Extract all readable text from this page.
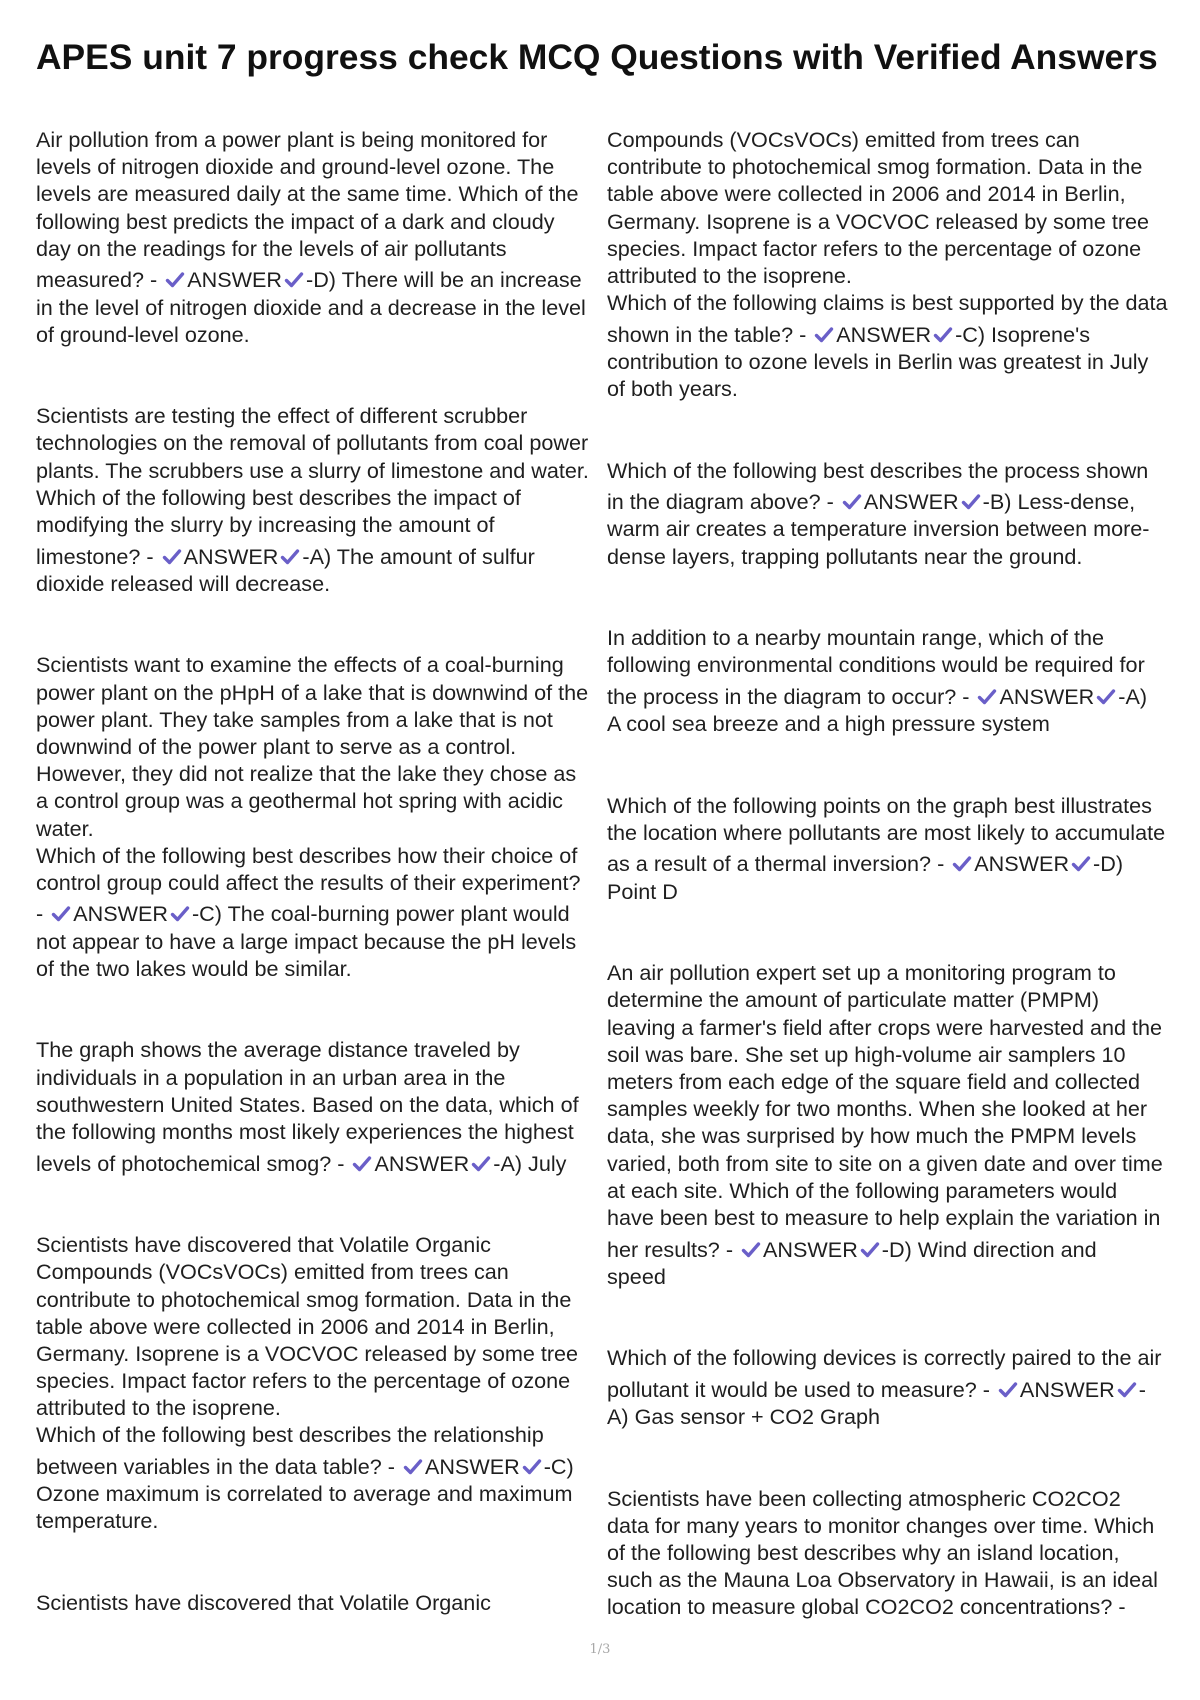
APES unit 7 progress check MCQ Questions with Verified Answers
Air pollution from a power plant is being monitored for
levels of nitrogen dioxide and ground-level ozone. The
levels are measured daily at the same time. Which of the
following best predicts the impact of a dark and cloudy
day on the readings for the levels of air pollutants
measured? - ANSWER -D) There will be an increase
in the level of nitrogen dioxide and a decrease in the level
of ground-level ozone.
Scientists are testing the effect of different scrubber
technologies on the removal of pollutants from coal power
plants. The scrubbers use a slurry of limestone and water.
Which of the following best describes the impact of
modifying the slurry by increasing the amount of
limestone? - ANSWER -A) The amount of sulfur
dioxide released will decrease.
Scientists want to examine the effects of a coal-burning
power plant on the pHpH of a lake that is downwind of the
power plant. They take samples from a lake that is not
downwind of the power plant to serve as a control.
However, they did not realize that the lake they chose as
a control group was a geothermal hot spring with acidic
water.
Which of the following best describes how their choice of
control group could affect the results of their experiment?
- ANSWER -C) The coal-burning power plant would
not appear to have a large impact because the pH levels
of the two lakes would be similar.
The graph shows the average distance traveled by
individuals in a population in an urban area in the
southwestern United States. Based on the data, which of
the following months most likely experiences the highest
levels of photochemical smog? - ANSWER -A) July
Scientists have discovered that Volatile Organic
Compounds (VOCsVOCs) emitted from trees can
contribute to photochemical smog formation. Data in the
table above were collected in 2006 and 2014 in Berlin,
Germany. Isoprene is a VOCVOC released by some tree
species. Impact factor refers to the percentage of ozone
attributed to the isoprene.
Which of the following best describes the relationship
between variables in the data table? - ANSWER -C)
Ozone maximum is correlated to average and maximum
temperature.
Scientists have discovered that Volatile Organic
Compounds (VOCsVOCs) emitted from trees can
contribute to photochemical smog formation. Data in the
table above were collected in 2006 and 2014 in Berlin,
Germany. Isoprene is a VOCVOC released by some tree
species. Impact factor refers to the percentage of ozone
attributed to the isoprene.
Which of the following claims is best supported by the data
shown in the table? - ANSWER -C) Isoprene's
contribution to ozone levels in Berlin was greatest in July
of both years.
Which of the following best describes the process shown
in the diagram above? - ANSWER -B) Less-dense,
warm air creates a temperature inversion between more-
dense layers, trapping pollutants near the ground.
In addition to a nearby mountain range, which of the
following environmental conditions would be required for
the process in the diagram to occur? - ANSWER -A)
A cool sea breeze and a high pressure system
Which of the following points on the graph best illustrates
the location where pollutants are most likely to accumulate
as a result of a thermal inversion? - ANSWER -D)
Point D
An air pollution expert set up a monitoring program to
determine the amount of particulate matter (PMPM)
leaving a farmer's field after crops were harvested and the
soil was bare. She set up high-volume air samplers 10
meters from each edge of the square field and collected
samples weekly for two months. When she looked at her
data, she was surprised by how much the PMPM levels
varied, both from site to site on a given date and over time
at each site. Which of the following parameters would
have been best to measure to help explain the variation in
her results? - ANSWER -D) Wind direction and
speed
Which of the following devices is correctly paired to the air
pollutant it would be used to measure? - ANSWER -
A) Gas sensor + CO2 Graph
Scientists have been collecting atmospheric CO2CO2
data for many years to monitor changes over time. Which
of the following best describes why an island location,
such as the Mauna Loa Observatory in Hawaii, is an ideal
location to measure global CO2CO2 concentrations? -
1/3
